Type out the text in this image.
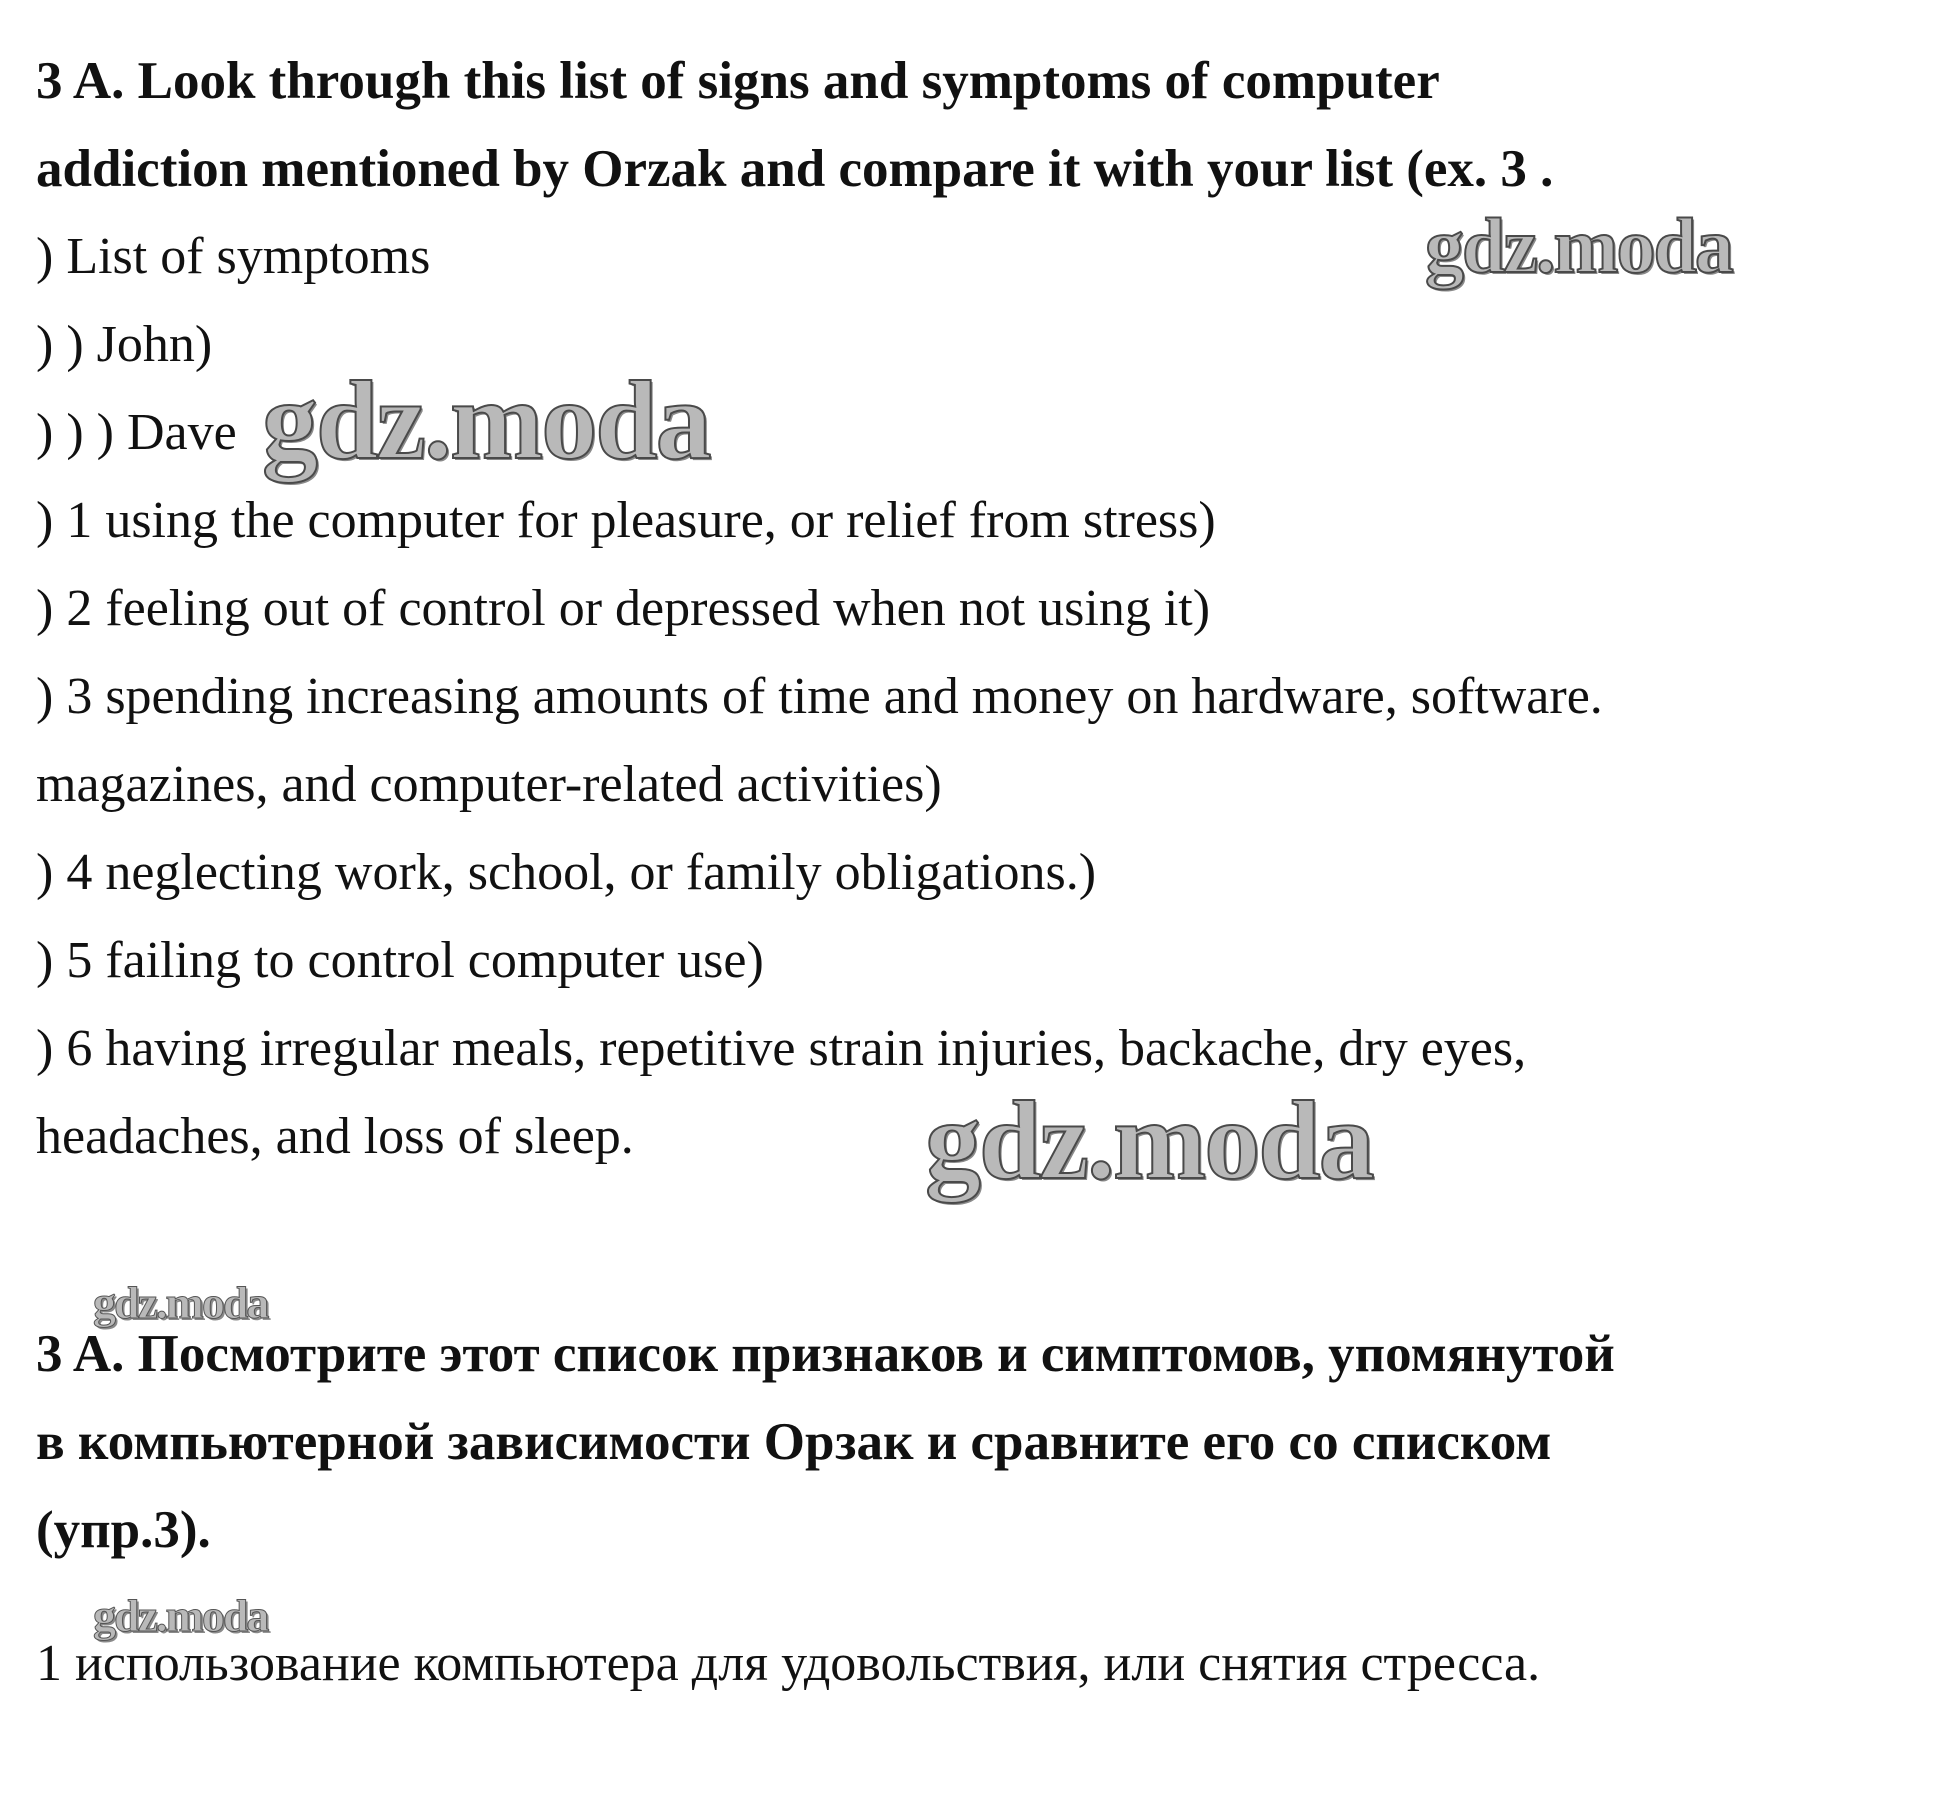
3 A. Look through this list of signs and symptoms of computer
addiction mentioned by Orzak and compare it with your list (ex. 3 .
) List of symptoms
) ) John)
) ) ) Dave
) 1 using the computer for pleasure, or relief from stress)
) 2 feeling out of control or depressed when not using it)
) 3 spending increasing amounts of time and money on hardware, software.
magazines, and computer-related activities)
) 4 neglecting work, school, or family obligations.)
) 5 failing to control computer use)
) 6 having irregular meals, repetitive strain injuries, backache, dry eyes,
headaches, and loss of sleep.
3 A. Посмотрите этот список признаков и симптомов, упомянутой
в компьютерной зависимости Орзак и сравните его со списком
(упр.3).
1 использование компьютера для удовольствия, или снятия стресса.
gdz.moda
gdz.moda
gdz.moda
gdz.moda
gdz.moda
